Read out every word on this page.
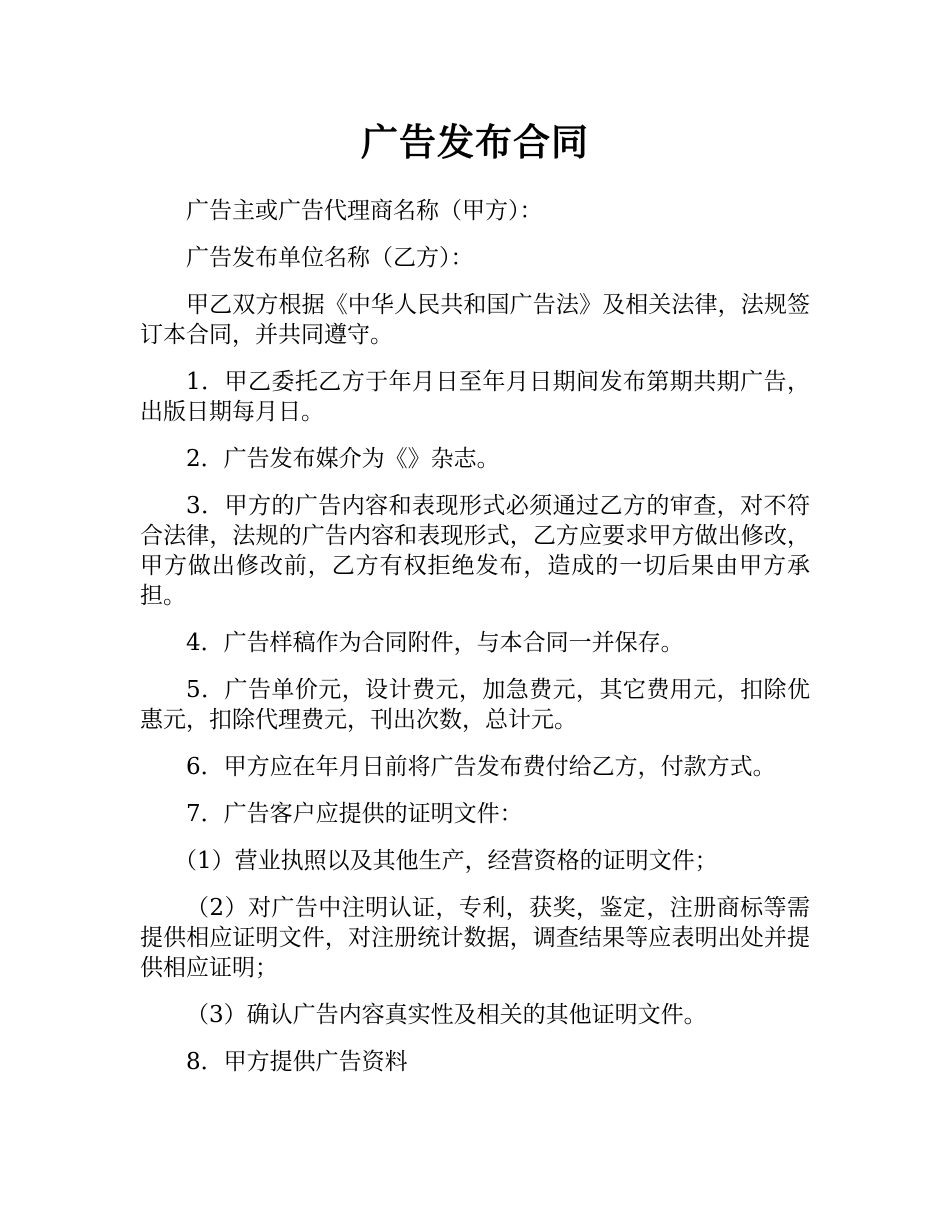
广告发布合同

广告主或广告代理商名称（甲方）：

广告发布单位名称（乙方）：

甲乙双方根据《中华人民共和国广告法》及相关法律，法规签订本合同，并共同遵守。

1．甲乙委托乙方于年月日至年月日期间发布第期共期广告，出版日期每月日。

2．广告发布媒介为《》杂志。

3．甲方的广告内容和表现形式必须通过乙方的审查，对不符合法律，法规的广告内容和表现形式，乙方应要求甲方做出修改，甲方做出修改前，乙方有权拒绝发布，造成的一切后果由甲方承担。

4．广告样稿作为合同附件，与本合同一并保存。

5．广告单价元，设计费元，加急费元，其它费用元，扣除优惠元，扣除代理费元，刊出次数，总计元。

6．甲方应在年月日前将广告发布费付给乙方，付款方式。

7．广告客户应提供的证明文件：

（1）营业执照以及其他生产，经营资格的证明文件；

（2）对广告中注明认证，专利，获奖，鉴定，注册商标等需提供相应证明文件，对注册统计数据，调查结果等应表明出处并提供相应证明；

（3）确认广告内容真实性及相关的其他证明文件。

8．甲方提供广告资料
